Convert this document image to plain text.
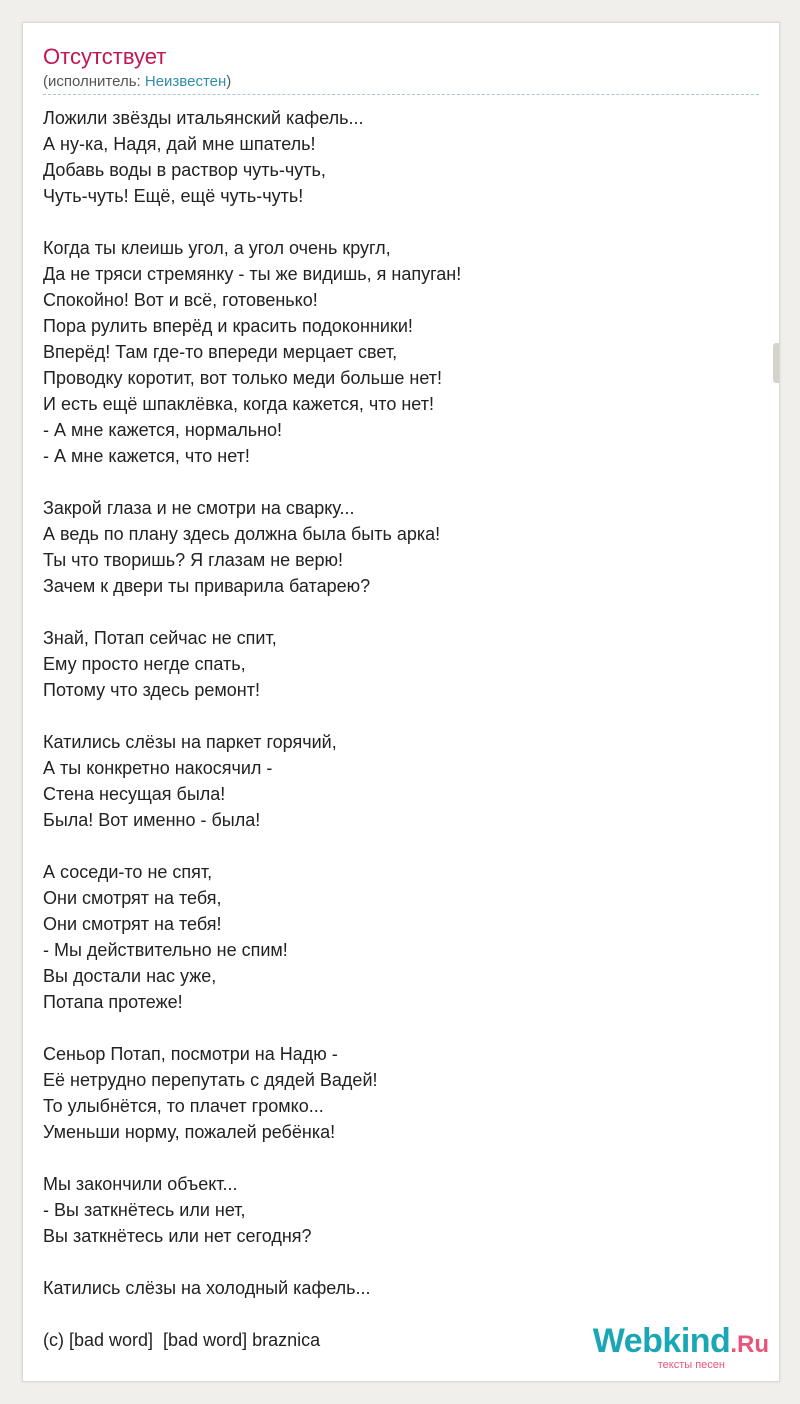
Отсутствует
(исполнитель: Неизвестен)
Ложили звёзды итальянский кафель...
А ну-ка, Надя, дай мне шпатель!
Добавь воды в раствор чуть-чуть,
Чуть-чуть! Ещё, ещё чуть-чуть!
Когда ты клеишь угол, а угол очень кругл,
Да не тряси стремянку - ты же видишь, я напуган!
Спокойно! Вот и всё, готовенько!
Пора рулить вперёд и красить подоконники!
Вперёд! Там где-то впереди мерцает свет,
Проводку коротит, вот только меди больше нет!
И есть ещё шпаклёвка, когда кажется, что нет!
- А мне кажется, нормально!
- А мне кажется, что нет!
Закрой глаза и не смотри на сварку...
А ведь по плану здесь должна была быть арка!
Ты что творишь? Я глазам не верю!
Зачем к двери ты приварила батарею?
Знай, Потап сейчас не спит,
Ему просто негде спать,
Потому что здесь ремонт!
Катились слёзы на паркет горячий,
А ты конкретно накосячил -
Стена несущая была!
Была! Вот именно - была!
А соседи-то не спят,
Они смотрят на тебя,
Они смотрят на тебя!
- Мы действительно не спим!
Вы достали нас уже,
Потапа протеже!
Сеньор Потап, посмотри на Надю -
Её нетрудно перепутать с дядей Вадей!
То улыбнётся, то плачет громко...
Уменьши норму, пожалей ребёнка!
Мы закончили объект...
- Вы заткнётесь или нет,
Вы заткнётесь или нет сегодня?
Катились слёзы на холодный кафель...
(c) [bad word]  [bad word] braznica	Webkind.Ru
тексты песен
